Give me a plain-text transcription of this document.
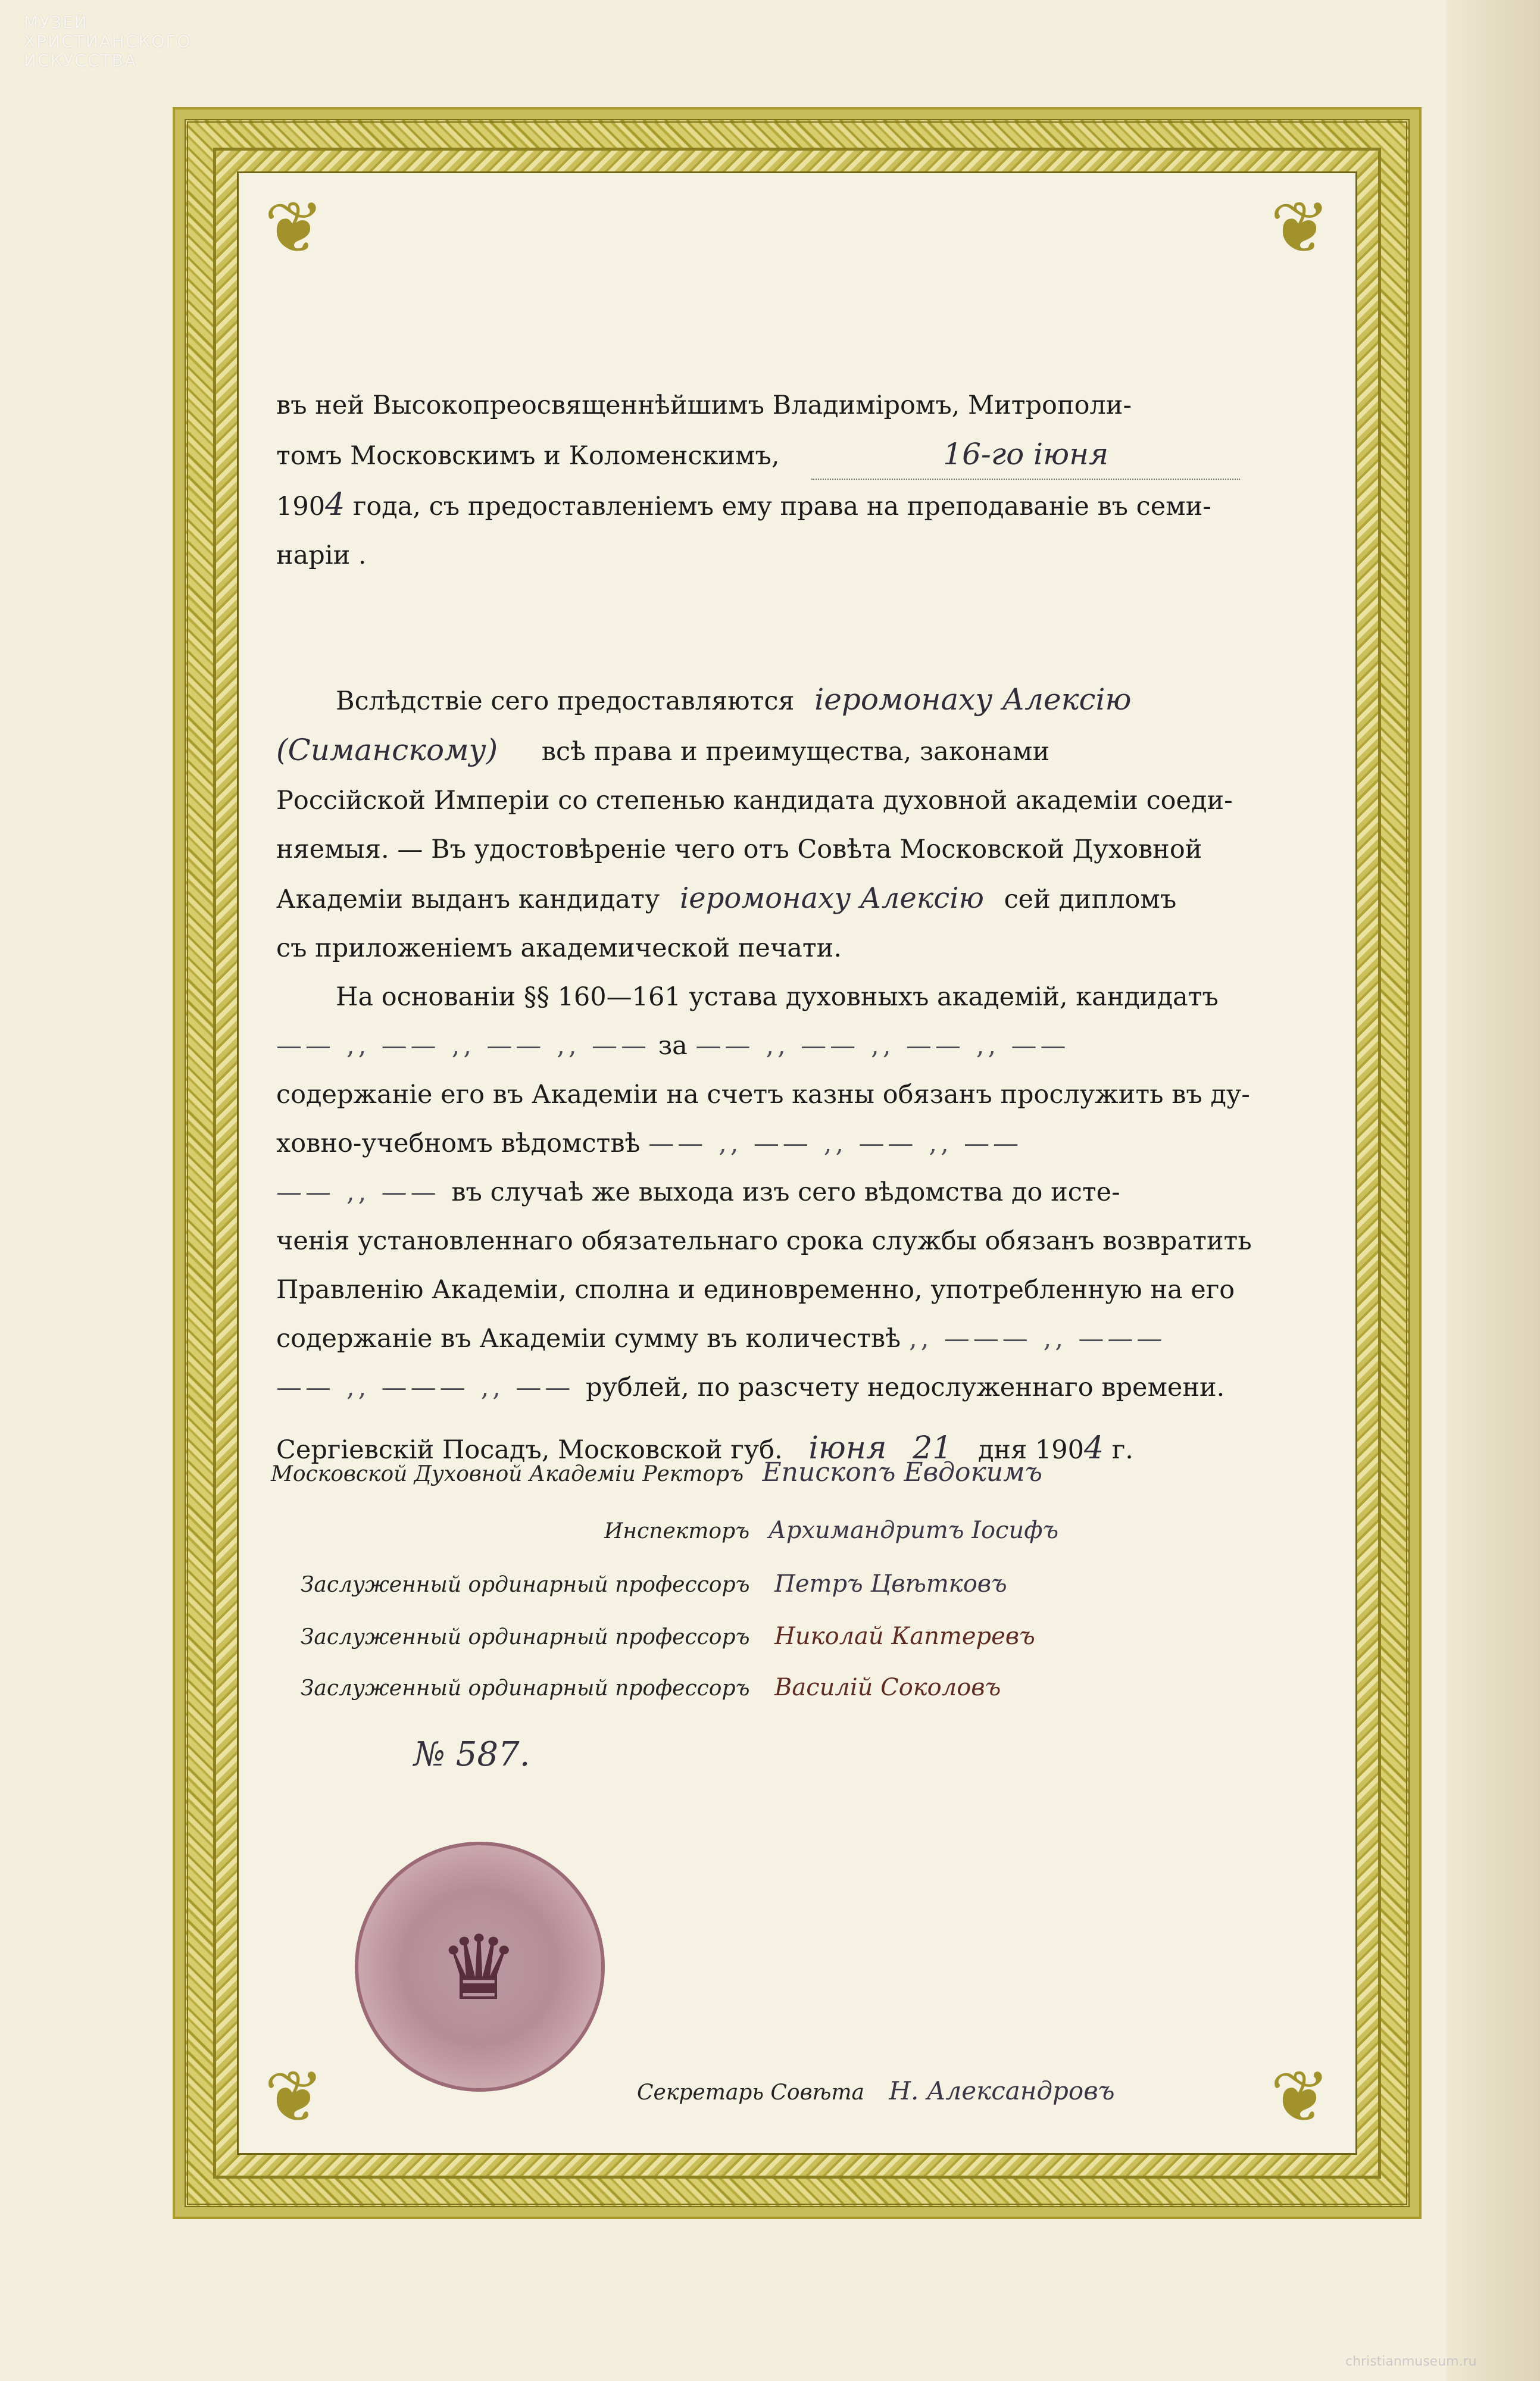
МУЗЕЙ
ХРИСТИАНСКОГО
ИСКУССТВА
❦	❦
❦	❦
въ ней Высокопреосвященнѣйшимъ Владиміромъ, Митрополи-
томъ Московскимъ и Коломенскимъ,	16-го іюня
1904 года, съ предоставленіемъ ему права на преподаваніе въ семи-
наріи .
Вслѣдствіе сего предоставляются іеромонаху Алексію
(Симанскому) всѣ права и преимущества, законами
Россійской Имперіи со степенью кандидата духовной академіи соеди-
няемыя. — Въ удостовѣреніе чего отъ Совѣта Московской Духовной
Академіи выданъ кандидату іеромонаху Алексію сей дипломъ
съ приложеніемъ академической печати.
На основаніи §§ 160—161 устава духовныхъ академій, кандидатъ
—— ‚‚ —— ‚‚ —— ‚‚ —— за —— ‚‚ —— ‚‚ —— ‚‚ ——
содержаніе его въ Академіи на счетъ казны обязанъ прослужить въ ду-
ховно-учебномъ вѣдомствѣ —— ‚‚ —— ‚‚ —— ‚‚ ——
—— ‚‚ —— въ случаѣ же выхода изъ сего вѣдомства до исте-
ченія установленнаго обязательнаго срока службы обязанъ возвратить
Правленію Академіи, сполна и единовременно, употребленную на его
содержаніе въ Академіи сумму въ количествѣ ‚‚ ——— ‚‚ ———
—— ‚‚ ——— ‚‚ —— рублей, по разсчету недослуженнаго времени.
Сергіевскій Посадъ, Московской губ. іюня 21 дня 1904 г.
Московской Духовной Академіи Ректоръ Епископъ Евдокимъ
Инспекторъ Архимандритъ Іосифъ
Заслуженный ординарный профессоръ Петръ Цвѣтковъ
Заслуженный ординарный профессоръ Николай Каптеревъ
Заслуженный ординарный профессоръ Василій Соколовъ
№ 587.
♛
Секретарь Совѣта Н. Александровъ
christianmuseum.ru
